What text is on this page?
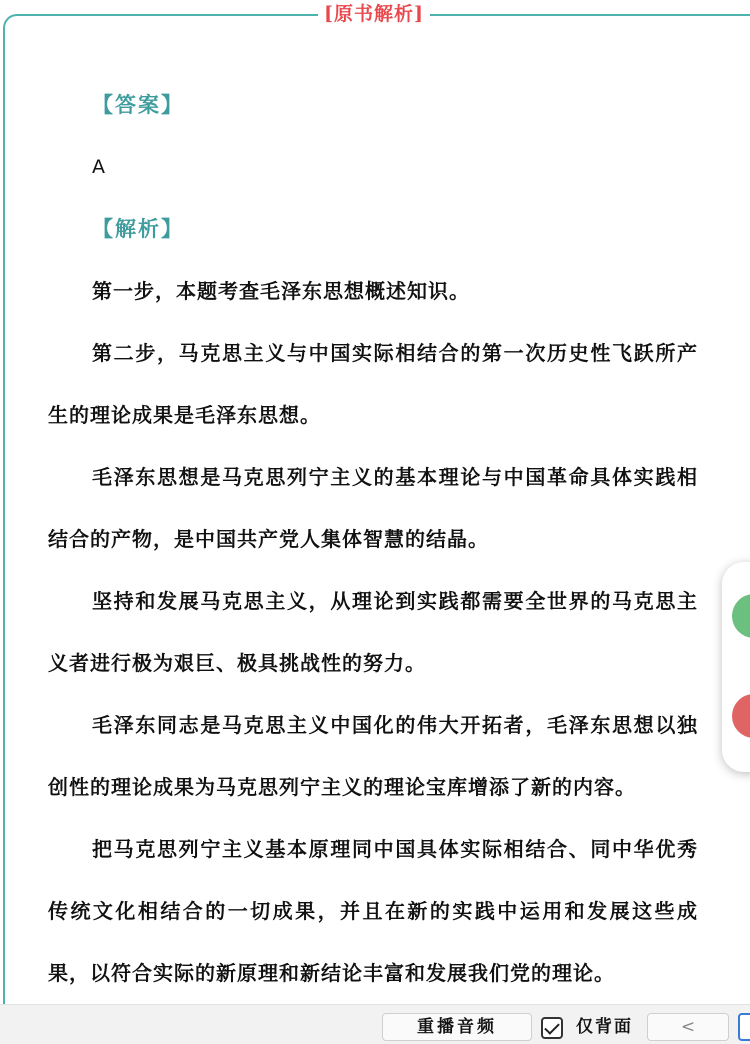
[原书解析]
【答案】
A
【解析】

第一步，本题考查毛泽东思想概述知识。

第二步，马克思主义与中国实际相结合的第一次历史性飞跃所产生的理论成果是毛泽东思想。

毛泽东思想是马克思列宁主义的基本理论与中国革命具体实践相结合的产物，是中国共产党人集体智慧的结晶。

坚持和发展马克思主义，从理论到实践都需要全世界的马克思主义者进行极为艰巨、极具挑战性的努力。

毛泽东同志是马克思主义中国化的伟大开拓者，毛泽东思想以独创性的理论成果为马克思列宁主义的理论宝库增添了新的内容。

把马克思列宁主义基本原理同中国具体实际相结合、同中华优秀传统文化相结合的一切成果，并且在新的实践中运用和发展这些成果，以符合实际的新原理和新结论丰富和发展我们党的理论。

重播音频	仅背面	<
